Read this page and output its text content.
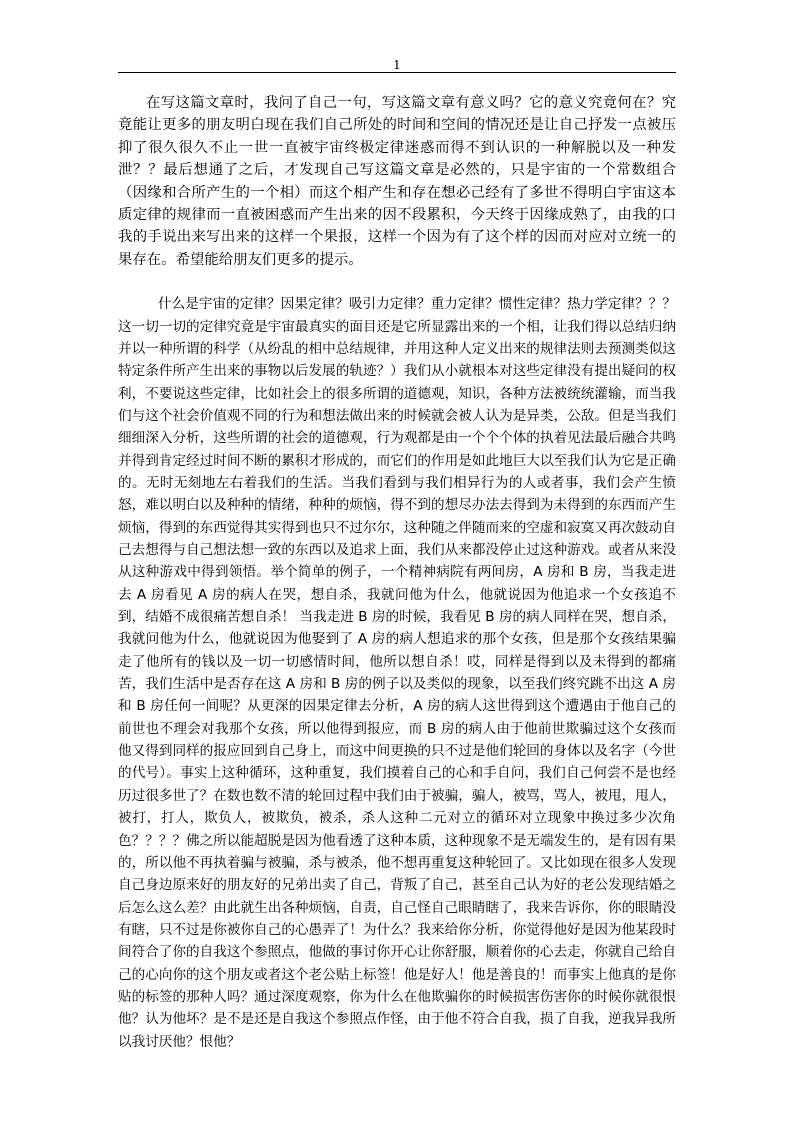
1

在写这篇文章时，我问了自己一句，写这篇文章有意义吗？它的意义究竟何在？究竟能让更多的朋友明白现在我们自己所处的时间和空间的情况还是让自己抒发一点被压抑了很久很久不止一世一直被宇宙终极定律迷惑而得不到认识的一种解脱以及一种发泄？？最后想通了之后，才发现自己写这篇文章是必然的，只是宇宙的一个常数组合（因缘和合所产生的一个相）而这个相产生和存在想必己经有了多世不得明白宇宙这本质定律的规律而一直被困惑而产生出来的因不段累积，今天终于因缘成熟了，由我的口我的手说出来写出来的这样一个果报，这样一个因为有了这个样的因而对应对立统一的果存在。希望能给朋友们更多的提示。

什么是宇宙的定律？因果定律？吸引力定律？重力定律？惯性定律？热力学定律？？？这一切一切的定律究竟是宇宙最真实的面目还是它所显露出来的一个相，让我们得以总结归纳并以一种所谓的科学（从纷乱的相中总结规律，并用这种人定义出来的规律法则去预测类似这特定条件所产生出来的事物以后发展的轨迹？）我们从小就根本对这些定律没有提出疑问的权利，不要说这些定律，比如社会上的很多所谓的道德观，知识，各种方法被统统灌输，而当我们与这个社会价值观不同的行为和想法做出来的时候就会被人认为是异类，公敌。但是当我们细细深入分析，这些所谓的社会的道德观，行为观都是由一个个个体的执着见法最后融合共鸣并得到肯定经过时间不断的累积才形成的，而它们的作用是如此地巨大以至我们认为它是正确的。无时无刻地左右着我们的生活。当我们看到与我们相异行为的人或者事，我们会产生愤怒，难以明白以及种种的情绪，种种的烦恼，得不到的想尽办法去得到为未得到的东西而产生烦恼，得到的东西觉得其实得到也只不过尔尔，这种随之伴随而来的空虚和寂寞又再次鼓动自己去想得与自己想法想一致的东西以及追求上面，我们从来都没停止过这种游戏。或者从来没从这种游戏中得到领悟。举个简单的例子，一个精神病院有两间房，A 房和 B 房，当我走进去 A 房看见 A 房的病人在哭，想自杀，我就问他为什么，他就说因为他追求一个女孩追不到，结婚不成很痛苦想自杀！ 当我走进 B 房的时候，我看见 B 房的病人同样在哭，想自杀，我就问他为什么，他就说因为他娶到了 A 房的病人想追求的那个女孩，但是那个女孩结果骗走了他所有的钱以及一切一切感情时间，他所以想自杀！哎，同样是得到以及未得到的都痛苦，我们生活中是否存在这 A 房和 B 房的例子以及类似的现象，以至我们终究跳不出这 A 房和 B 房任何一间呢？从更深的因果定律去分析，A 房的病人这世得到这个遭遇由于他自己的前世也不理会对我那个女孩，所以他得到报应，而 B 房的病人由于他前世欺骗过这个女孩而他又得到同样的报应回到自己身上，而这中间更换的只不过是他们轮回的身体以及名字（今世的代号）。事实上这种循环，这种重复，我们摸着自己的心和手自问，我们自己何尝不是也经历过很多世了？在数也数不清的轮回过程中我们由于被骗，骗人，被骂，骂人，被甩，甩人，被打，打人，欺负人，被欺负，被杀，杀人这种二元对立的循环对立现象中换过多少次角色？？？？佛之所以能超脱是因为他看透了这种本质，这种现象不是无端发生的，是有因有果的，所以他不再执着骗与被骗，杀与被杀，他不想再重复这种轮回了。又比如现在很多人发现自己身边原来好的朋友好的兄弟出卖了自己，背叛了自己，甚至自己认为好的老公发现结婚之后怎么这么差？由此就生出各种烦恼，自责，自己怪自己眼睛瞎了，我来告诉你，你的眼睛没有瞎，只不过是你被你自己的心愚弄了！为什么？我来给你分析，你觉得他好是因为他某段时间符合了你的自我这个参照点，他做的事讨你开心让你舒服，顺着你的心去走，你就自己给自己的心向你的这个朋友或者这个老公贴上标签！他是好人！他是善良的！而事实上他真的是你贴的标签的那种人吗？通过深度观察，你为什么在他欺骗你的时候损害伤害你的时候你就很恨他？认为他坏？是不是还是自我这个参照点作怪，由于他不符合自我，损了自我，逆我异我所以我讨厌他？恨他？
